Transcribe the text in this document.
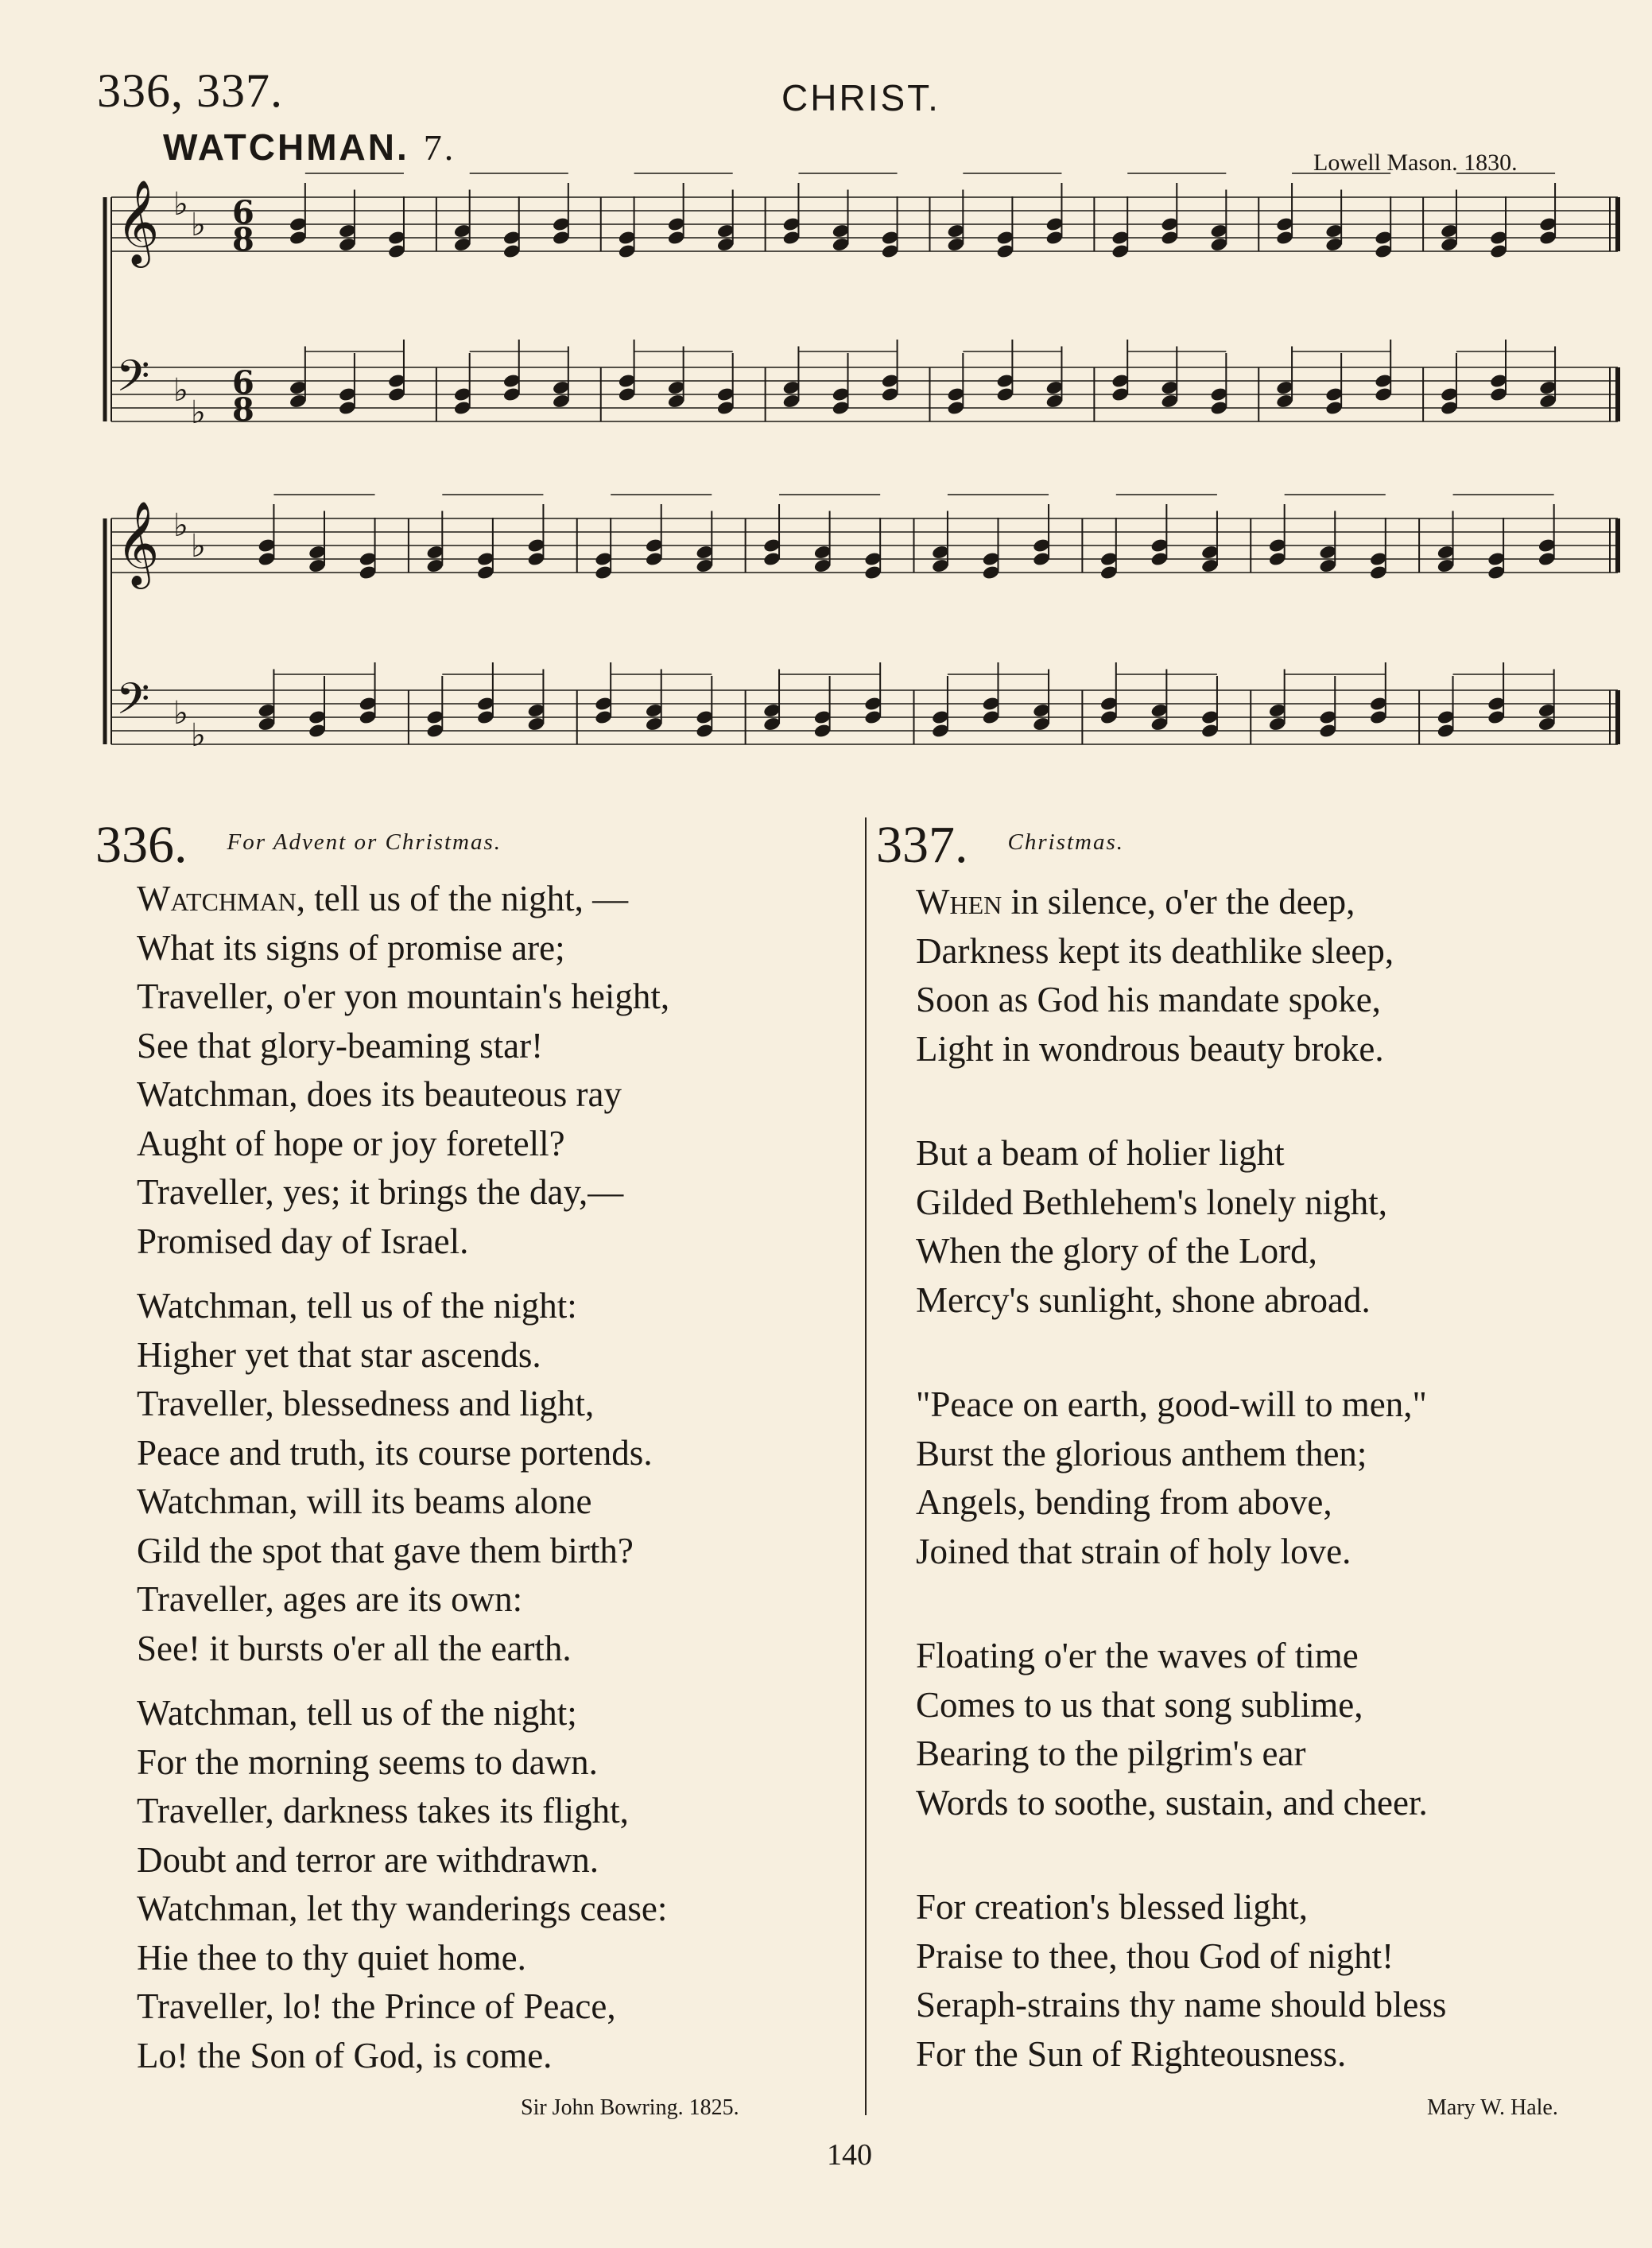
336, 337.	CHRIST.
WATCHMAN. 7.	Lowell Mason. 1830.
𝄞 ♭
♭ 6
8
𝄢 ♭
♭
6
8
𝄞 ♭
♭
𝄢 ♭
♭
336. $^{For Advent or Christmas.}$
Watchman, tell us of the night, —
What its signs of promise are;
Traveller, o'er yon mountain's height,
See that glory-beaming star!
Watchman, does its beauteous ray
Aught of hope or joy foretell?
Traveller, yes; it brings the day,—
Promised day of Israel.
Watchman, tell us of the night:
Higher yet that star ascends.
Traveller, blessedness and light,
Peace and truth, its course portends.
Watchman, will its beams alone
Gild the spot that gave them birth?
Traveller, ages are its own:
See! it bursts o'er all the earth.
Watchman, tell us of the night;
For the morning seems to dawn.
Traveller, darkness takes its flight,
Doubt and terror are withdrawn.
Watchman, let thy wanderings cease:
Hie thee to thy quiet home.
Traveller, lo! the Prince of Peace,
Lo! the Son of God, is come.
Sir John Bowring. 1825.
337. $^{Christmas.}$
When in silence, o'er the deep,
Darkness kept its deathlike sleep,
Soon as God his mandate spoke,
Light in wondrous beauty broke.
But a beam of holier light
Gilded Bethlehem's lonely night,
When the glory of the Lord,
Mercy's sunlight, shone abroad.
"Peace on earth, good-will to men,"
Burst the glorious anthem then;
Angels, bending from above,
Joined that strain of holy love.
Floating o'er the waves of time
Comes to us that song sublime,
Bearing to the pilgrim's ear
Words to soothe, sustain, and cheer.
For creation's blessed light,
Praise to thee, thou God of night!
Seraph-strains thy name should bless
For the Sun of Righteousness.
Mary W. Hale.
140
